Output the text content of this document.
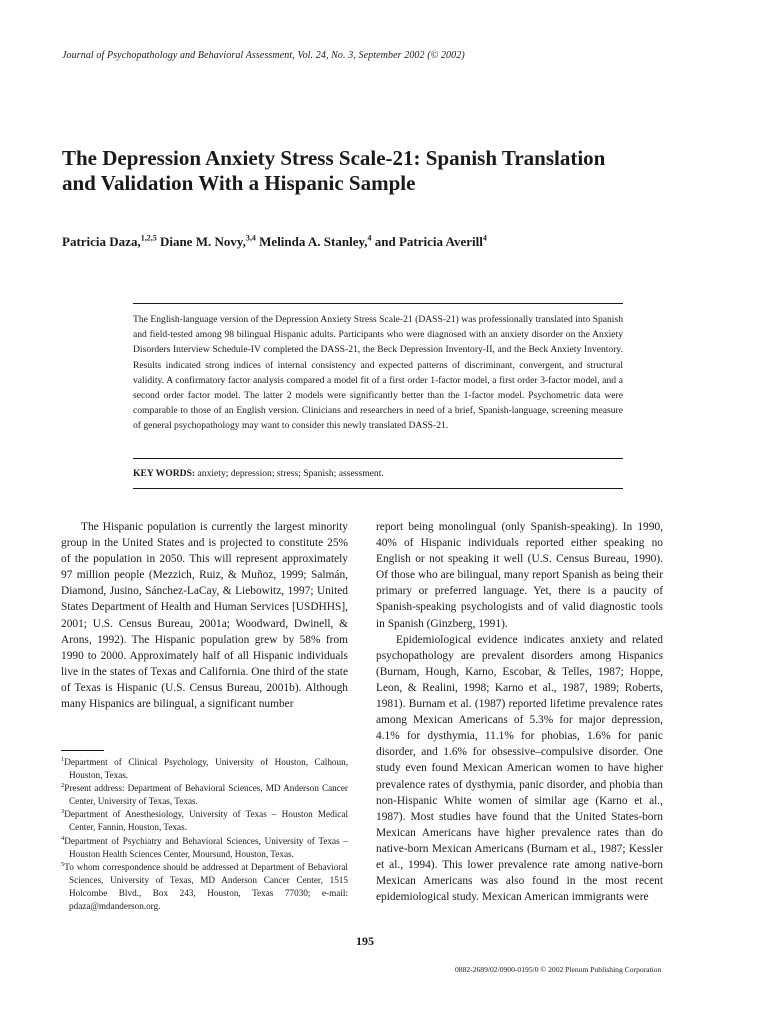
Journal of Psychopathology and Behavioral Assessment, Vol. 24, No. 3, September 2002 (© 2002)
The Depression Anxiety Stress Scale-21: Spanish Translation
and Validation With a Hispanic Sample
Patricia Daza,$^{1,2,5}$ Diane M. Novy,$^{3,4}$ Melinda A. Stanley,$^4$ and Patricia Averill$^4$
The English-language version of the Depression Anxiety Stress Scale-21 (DASS-21) was professionally translated into Spanish and field-tested among 98 bilingual Hispanic adults. Participants who were diagnosed with an anxiety disorder on the Anxiety Disorders Interview Schedule-IV completed the DASS-21, the Beck Depression Inventory-II, and the Beck Anxiety Inventory. Results indicated strong indices of internal consistency and expected patterns of discriminant, convergent, and structural validity. A confirmatory factor analysis compared a model fit of a first order 1-factor model, a first order 3-factor model, and a second order factor model. The latter 2 models were significantly better than the 1-factor model. Psychometric data were comparable to those of an English version. Clinicians and researchers in need of a brief, Spanish-language, screening measure of general psychopathology may want to consider this newly translated DASS-21.
KEY WORDS: anxiety; depression; stress; Spanish; assessment.

The Hispanic population is currently the largest minority group in the United States and is projected to constitute 25% of the population in 2050. This will represent approximately 97 million people (Mezzich, Ruiz, & Muñoz, 1999; Salmán, Diamond, Jusino, Sánchez-LaCay, & Liebowitz, 1997; United States Department of Health and Human Services [USDHHS], 2001; U.S. Census Bureau, 2001a; Woodward, Dwinell, & Arons, 1992). The Hispanic population grew by 58% from 1990 to 2000. Approximately half of all Hispanic individuals live in the states of Texas and California. One third of the state of Texas is Hispanic (U.S. Census Bureau, 2001b). Although many Hispanics are bilingual, a significant number

$^1$Department of Clinical Psychology, University of Houston, Calhoun, Houston, Texas.
$^2$Present address: Department of Behavioral Sciences, MD Anderson Cancer Center, University of Texas, Texas.
$^3$Department of Anesthesiology, University of Texas – Houston Medical Center, Fannin, Houston, Texas.
$^4$Department of Psychiatry and Behavioral Sciences, University of Texas – Houston Health Sciences Center, Moursund, Houston, Texas.
$^5$To whom correspondence should be addressed at Department of Behavioral Sciences, University of Texas, MD Anderson Cancer Center, 1515 Holcombe Blvd., Box 243, Houston, Texas 77030; e-mail: pdaza@mdanderson.org.

report being monolingual (only Spanish-speaking). In 1990, 40% of Hispanic individuals reported either speaking no English or not speaking it well (U.S. Census Bureau, 1990). Of those who are bilingual, many report Spanish as being their primary or preferred language. Yet, there is a paucity of Spanish-speaking psychologists and of valid diagnostic tools in Spanish (Ginzberg, 1991).

Epidemiological evidence indicates anxiety and related psychopathology are prevalent disorders among Hispanics (Burnam, Hough, Karno, Escobar, & Telles, 1987; Hoppe, Leon, & Realini, 1998; Karno et al., 1987, 1989; Roberts, 1981). Burnam et al. (1987) reported lifetime prevalence rates among Mexican Americans of 5.3% for major depression, 4.1% for dysthymia, 11.1% for phobias, 1.6% for panic disorder, and 1.6% for obsessive–compulsive disorder. One study even found Mexican American women to have higher prevalence rates of dysthymia, panic disorder, and phobia than non-Hispanic White women of similar age (Karno et al., 1987). Most studies have found that the United States-born Mexican Americans have higher prevalence rates than do native-born Mexican Americans (Burnam et al., 1987; Kessler et al., 1994). This lower prevalence rate among native-born Mexican Americans was also found in the most recent epidemiological study. Mexican American immigrants were

195
0882-2689/02/0900-0195/0 © 2002 Plenum Publishing Corporation
